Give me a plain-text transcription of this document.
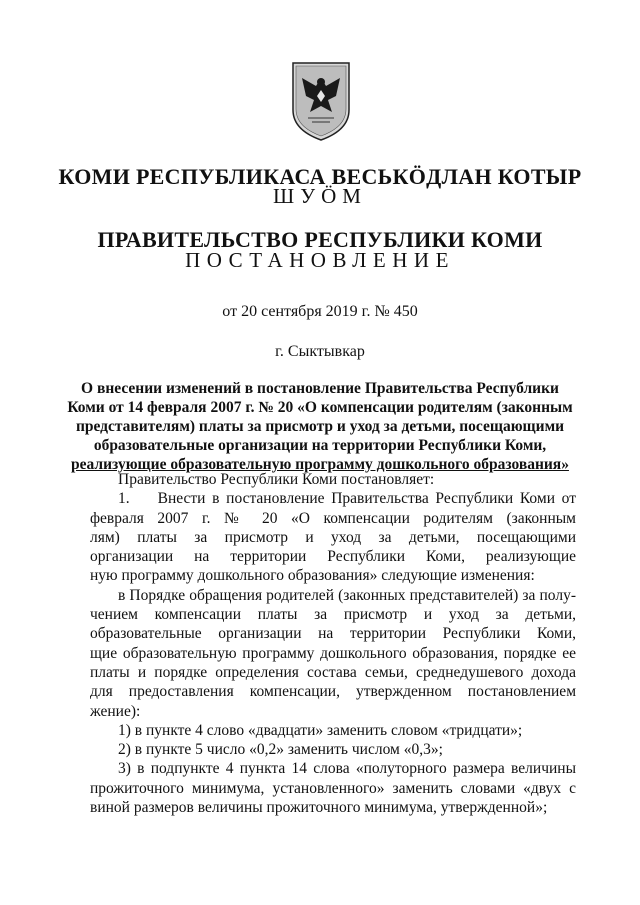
КОМИ РЕСПУБЛИКАСА ВЕСЬКӦДЛАН КОТЫР
ШУӦМ
ПРАВИТЕЛЬСТВО РЕСПУБЛИКИ КОМИ
ПОСТАНОВЛЕНИЕ
от 20 сентября 2019 г. № 450
г. Сыктывкар
О внесении изменений в постановление Правительства Республики
Коми от 14 февраля 2007 г. № 20 «О компенсации родителям (законным
представителям) платы за присмотр и уход за детьми, посещающими
образовательные организации на территории Республики Коми,
реализующие образовательную программу дошкольного образования»
Правительство Республики Коми постановляет:
1. Внести в постановление Правительства Республики Коми от
февраля 2007 г. № 20 «О компенсации родителям (законным
лям) платы за присмотр и уход за детьми, посещающими
организации на территории Республики Коми, реализующие
ную программу дошкольного образования» следующие изменения:
в Порядке обращения родителей (законных представителей) за полу-
чением компенсации платы за присмотр и уход за детьми,
образовательные организации на территории Республики Коми,
щие образовательную программу дошкольного образования, порядке ее
платы и порядке определения состава семьи, среднедушевого дохода
для предоставления компенсации, утвержденном постановлением
жение):
1) в пункте 4 слово «двадцати» заменить словом «тридцати»;
2) в пункте 5 число «0,2» заменить числом «0,3»;
3) в подпункте 4 пункта 14 слова «полуторного размера величины
прожиточного минимума, установленного» заменить словами «двух с
виной размеров величины прожиточного минимума, утвержденной»;
